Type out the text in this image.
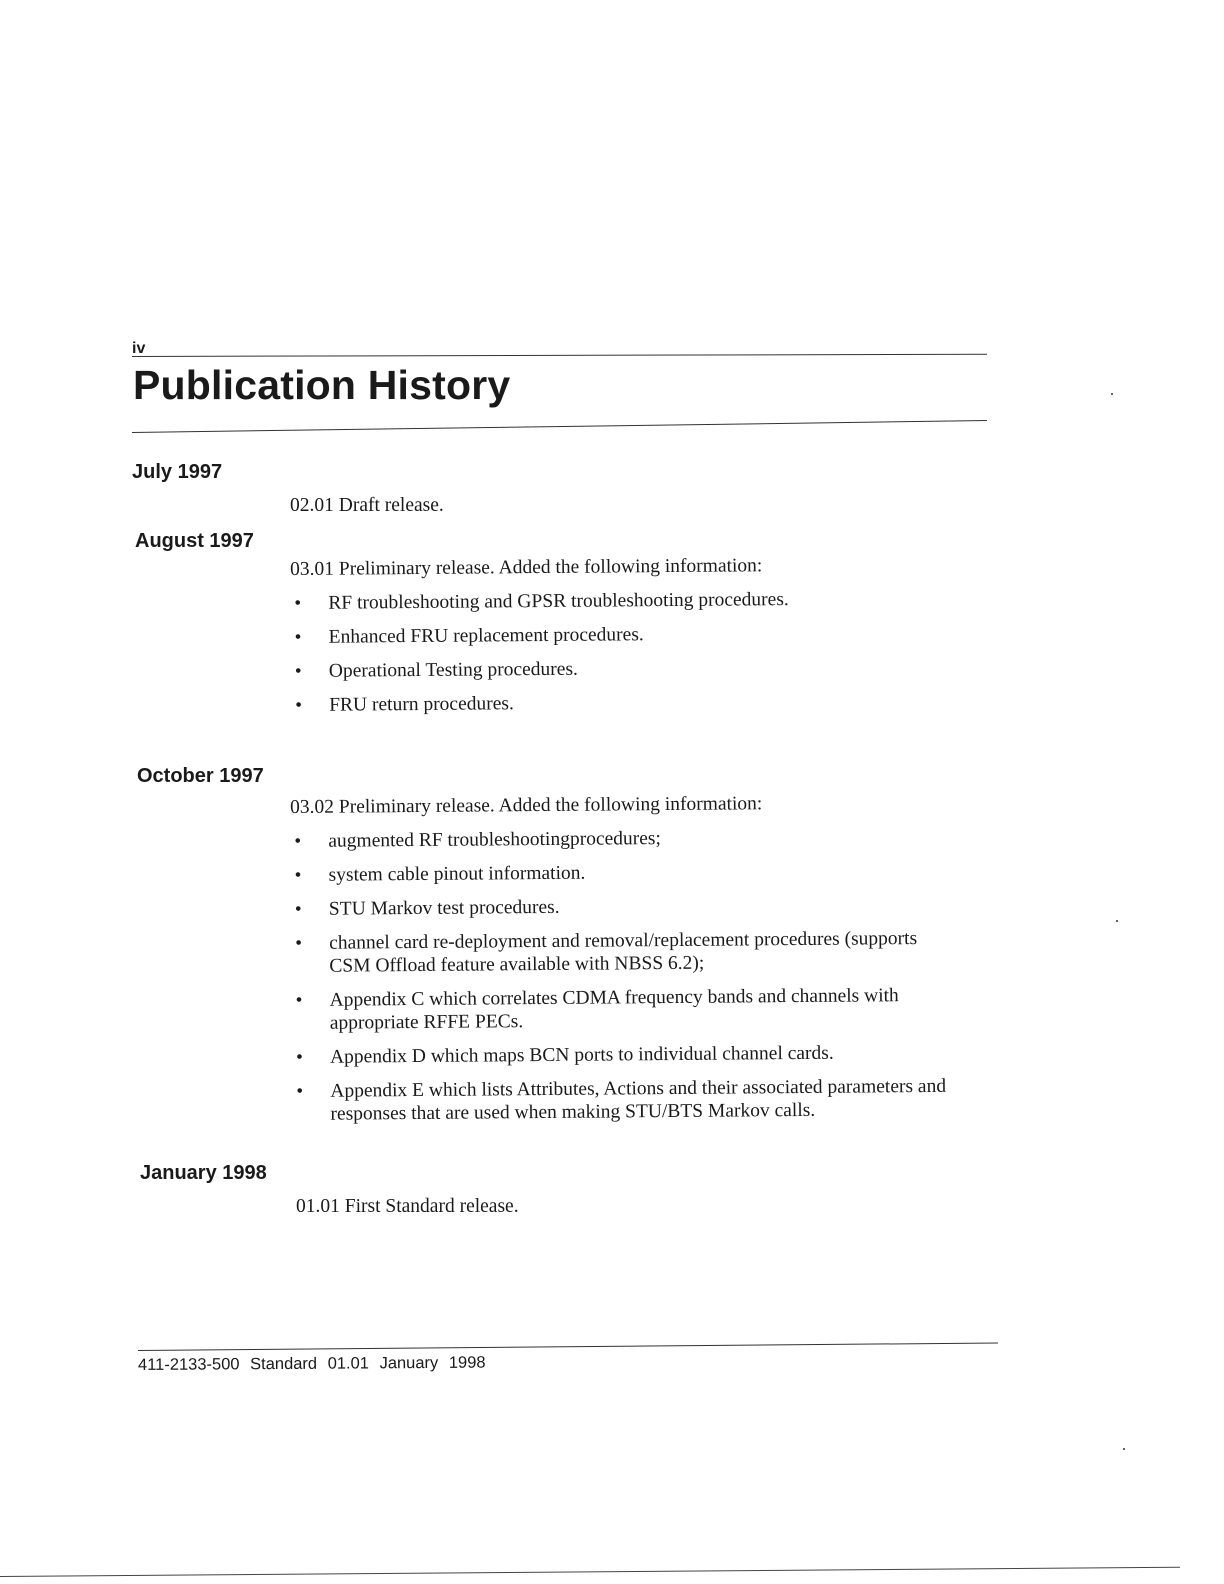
iv
Publication History
July 1997

02.01 Draft release.

August 1997

03.01 Preliminary release. Added the following information:

• RF troubleshooting and GPSR troubleshooting procedures.
• Enhanced FRU replacement procedures.
• Operational Testing procedures.
• FRU return procedures.
October 1997

03.02 Preliminary release. Added the following information:

• augmented RF troubleshootingprocedures;
• system cable pinout information.
• STU Markov test procedures.
• channel card re-deployment and removal/replacement procedures (supports CSM Offload feature available with NBSS 6.2);
• Appendix C which correlates CDMA frequency bands and channels with appropriate RFFE PECs.
• Appendix D which maps BCN ports to individual channel cards.
• Appendix E which lists Attributes, Actions and their associated parameters and responses that are used when making STU/BTS Markov calls.
January 1998

01.01 First Standard release.

411-2133-500 Standard 01.01 January 1998
